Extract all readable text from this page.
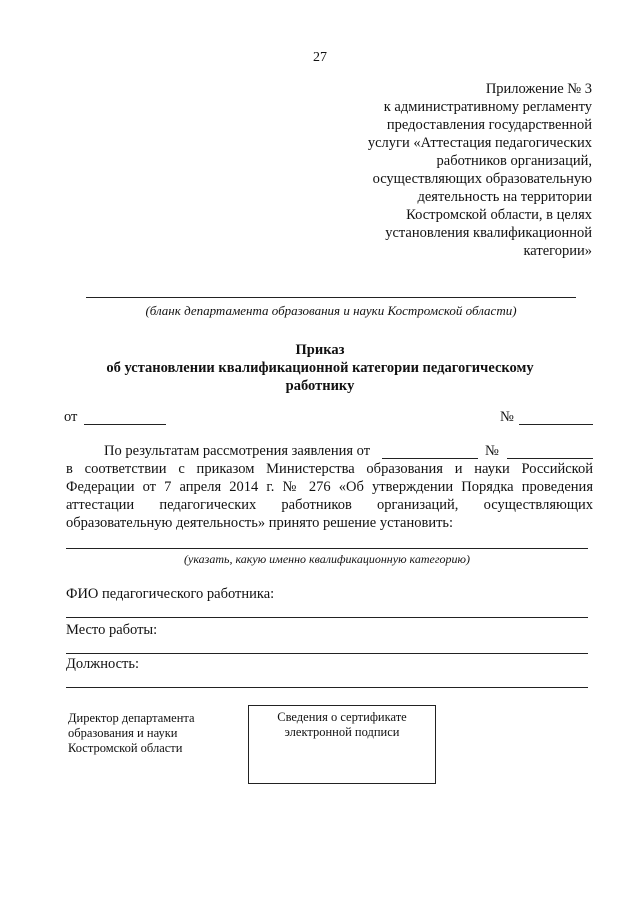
27
Приложение № 3
к административному регламенту
предоставления государственной
услуги «Аттестация педагогических
работников организаций,
осуществляющих образовательную
деятельность на территории
Костромской области, в целях
установления квалификационной
категории»
(бланк департамента образования и науки Костромской области)
Приказ
об установлении квалификационной категории педагогическому
работнику
от	№
По результатам рассмотрения заявления от	№
в соответствии с приказом Министерства образования и науки Российской
Федерации от 7 апреля 2014 г. № 276 «Об утверждении Порядка проведения
аттестации педагогических работников организаций, осуществляющих
образовательную деятельность» принято решение установить:
(указать, какую именно квалификационную категорию)
ФИО педагогического работника:
Место работы:
Должность:
Директор департамента
образования и науки
Костромской области
Сведения о сертификате
электронной подписи
